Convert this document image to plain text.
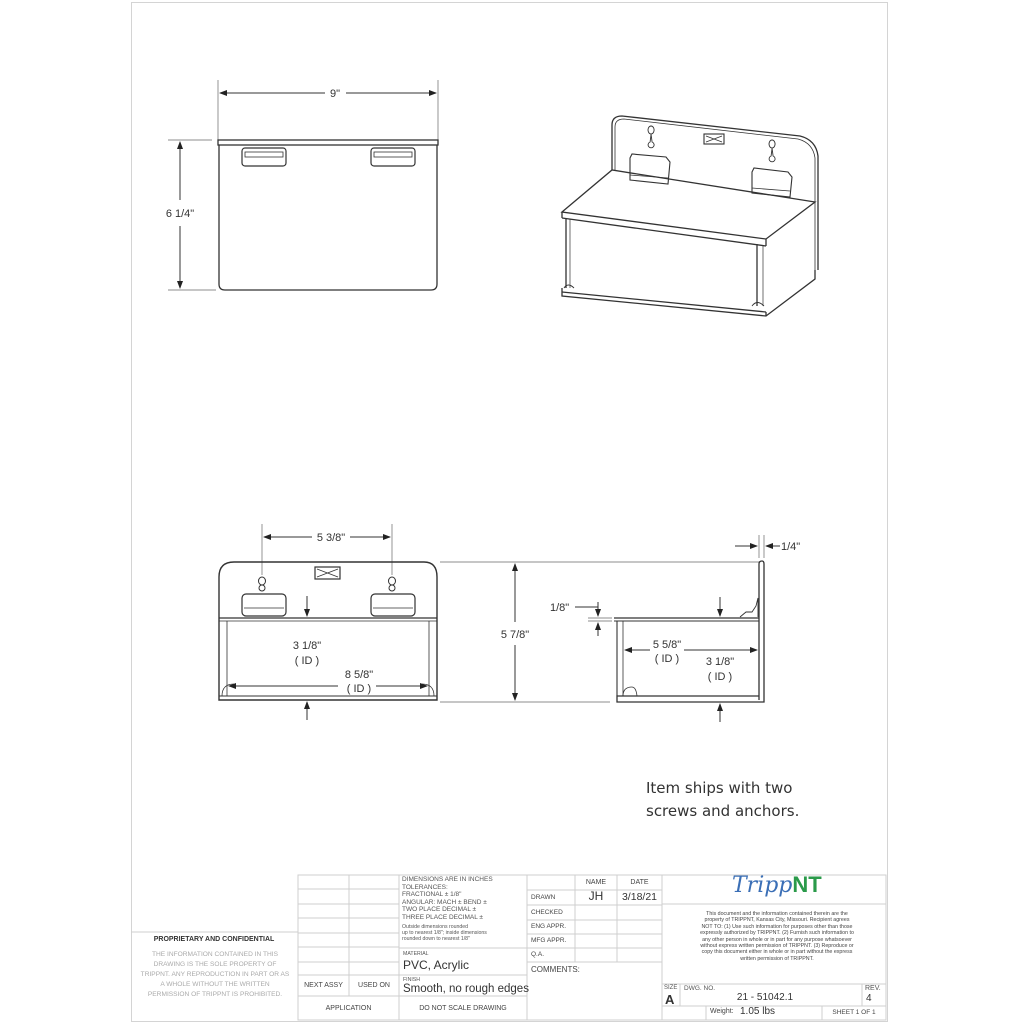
9"
6 1/4"
5 3/8"
3 1/8"
( ID )
8 5/8"
( ID )
5 7/8"
1/4"
1/8"
5 5/8"
( ID ) 3 1/8"
( ID )
Item ships with two
screws and anchors.
PROPRIETARY AND CONFIDENTIAL
THE INFORMATION CONTAINED IN THIS DRAWING IS THE SOLE PROPERTY OF TRIPPNT. ANY REPRODUCTION IN PART OR AS A WHOLE WITHOUT THE WRITTEN PERMISSION OF TRIPPNT IS PROHIBITED.
NEXT ASSY	USED ON
APPLICATION
DIMENSIONS ARE IN INCHES
TOLERANCES:
FRACTIONAL ± 1/8"
ANGULAR: MACH ± BEND ±
TWO PLACE DECIMAL ±
THREE PLACE DECIMAL ±
Outside dimensions rounded
up to nearest 1/8"; inside dimensions
rounded down to nearest 1/8"
MATERIAL
PVC, Acrylic
FINISH
Smooth, no rough edges
DO NOT SCALE DRAWING
NAME	DATE
DRAWN	JH	3/18/21
CHECKED
ENG APPR.
MFG APPR.
Q.A.
COMMENTS:
TrippNT
This document and the information contained therein are the property of TRIPPNT, Kansas City, Missouri. Recipient agrees NOT TO: (1) Use such information for purposes other than those expressly authorized by TRIPPNT. (2) Furnish such information to any other person in whole or in part for any purpose whatsoever without express written permission of TRIPPNT. (3) Reproduce or copy this document either in whole or in part without the express written permission of TRIPPNT.
SIZE
A
DWG. NO.
21 - 51042.1
REV.
4
Weight: 1.05 lbs	SHEET 1 OF 1
